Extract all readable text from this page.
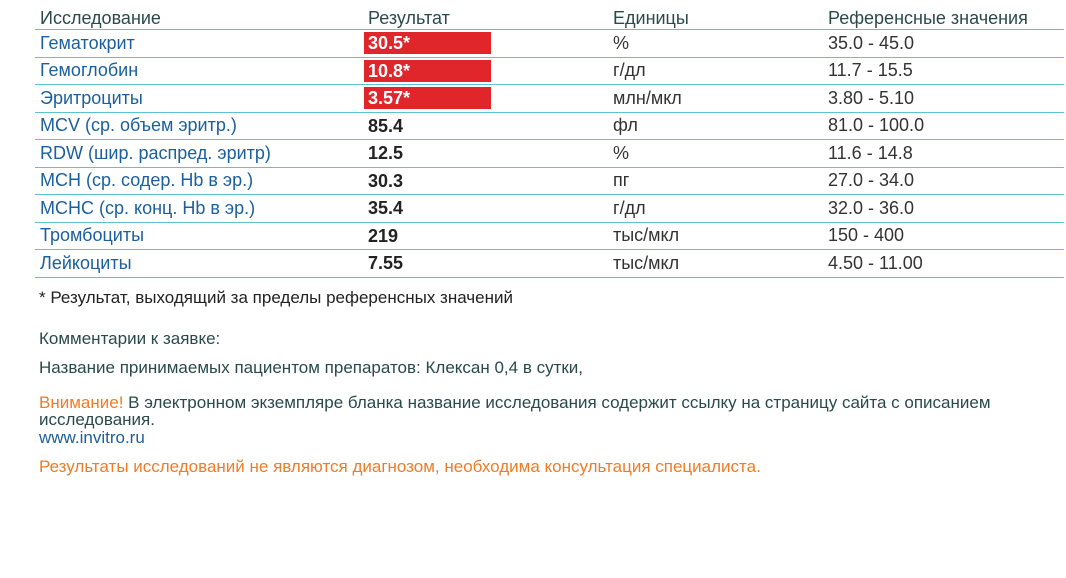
Исследование	Результат	Единицы	Референсные значения
Гематокрит	30.5*	%	35.0 - 45.0
Гемоглобин	10.8*	г/дл	11.7 - 15.5
Эритроциты	3.57*	млн/мкл	3.80 - 5.10
MCV (ср. объем эритр.)	85.4	фл	81.0 - 100.0
RDW (шир. распред. эритр)	12.5	%	11.6 - 14.8
MCH (ср. содер. Hb в эр.)	30.3	пг	27.0 - 34.0
MCHC (ср. конц. Hb в эр.)	35.4	г/дл	32.0 - 36.0
Тромбоциты	219	тыс/мкл	150 - 400
Лейкоциты	7.55	тыс/мкл	4.50 - 11.00
* Результат, выходящий за пределы референсных значений
Комментарии к заявке:
Название принимаемых пациентом препаратов: Клексан 0,4 в сутки,
Внимание! В электронном экземпляре бланка название исследования содержит ссылку на страницу сайта с описанием исследования.
www.invitro.ru
Результаты исследований не являются диагнозом, необходима консультация специалиста.
